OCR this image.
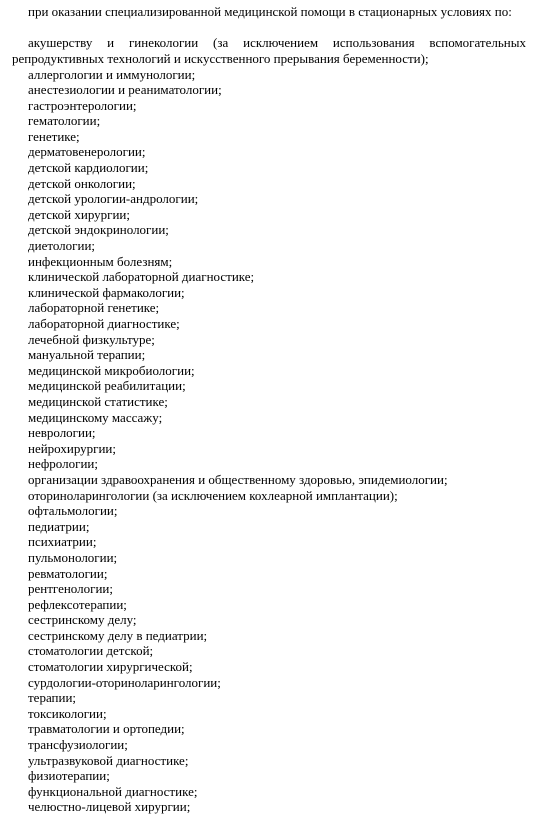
при оказании специализированной медицинской помощи в стационарных условиях по:

акушерству и гинекологии (за исключением использования вспомогательных репродуктивных технологий и искусственного прерывания беременности);

аллергологии и иммунологии;
анестезиологии и реаниматологии;
гастроэнтерологии;
гематологии;
генетике;
дерматовенерологии;
детской кардиологии;
детской онкологии;
детской урологии-андрологии;
детской хирургии;
детской эндокринологии;
диетологии;
инфекционным болезням;
клинической лабораторной диагностике;
клинической фармакологии;
лабораторной генетике;
лабораторной диагностике;
лечебной физкультуре;
мануальной терапии;
медицинской микробиологии;
медицинской реабилитации;
медицинской статистике;
медицинскому массажу;
неврологии;
нейрохирургии;
нефрологии;
организации здравоохранения и общественному здоровью, эпидемиологии;
оториноларингологии (за исключением кохлеарной имплантации);
офтальмологии;
педиатрии;
психиатрии;
пульмонологии;
ревматологии;
рентгенологии;
рефлексотерапии;
сестринскому делу;
сестринскому делу в педиатрии;
стоматологии детской;
стоматологии хирургической;
сурдологии-оториноларингологии;
терапии;
токсикологии;
травматологии и ортопедии;
трансфузиологии;
ультразвуковой диагностике;
физиотерапии;
функциональной диагностике;
челюстно-лицевой хирургии;
